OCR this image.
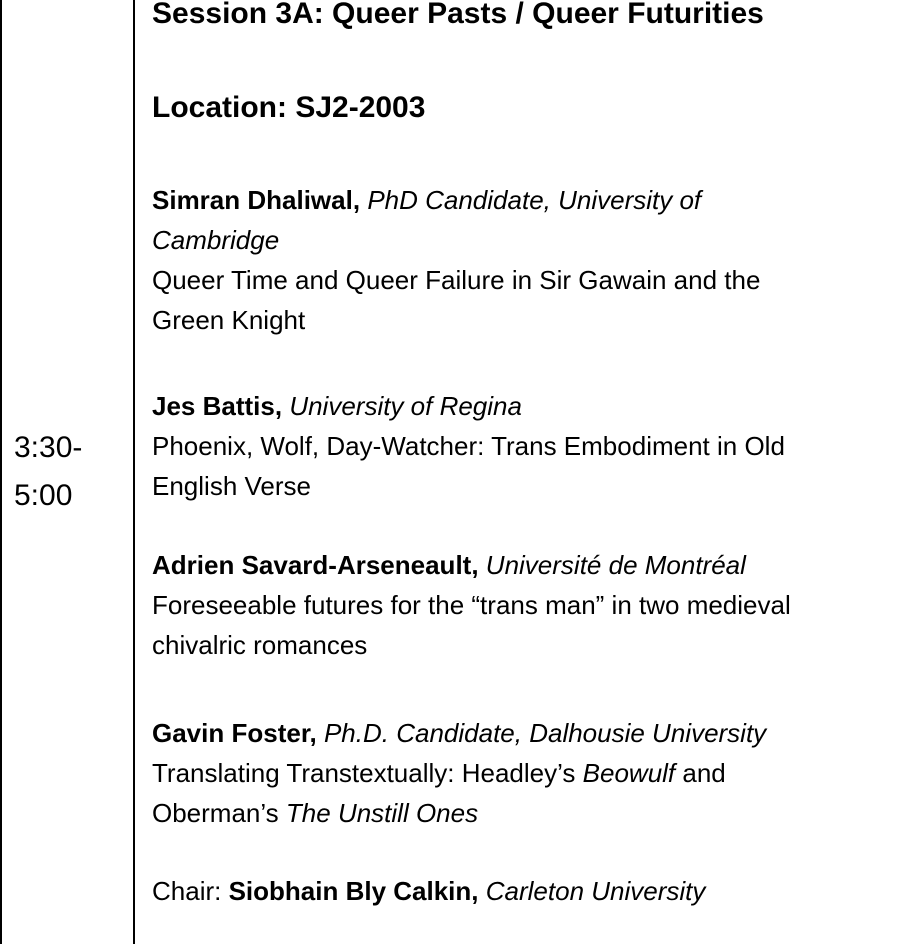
3:30-
5:00
Session 3A: Queer Pasts / Queer Futurities
Location: SJ2-2003
Simran Dhaliwal, PhD Candidate, University of
Cambridge
Queer Time and Queer Failure in Sir Gawain and the
Green Knight
Jes Battis, University of Regina
Phoenix, Wolf, Day-Watcher: Trans Embodiment in Old
English Verse
Adrien Savard-Arseneault, Université de Montréal
Foreseeable futures for the “trans man” in two medieval
chivalric romances
Gavin Foster, Ph.D. Candidate, Dalhousie University
Translating Transtextually: Headley’s Beowulf and
Oberman’s The Unstill Ones
Chair: Siobhain Bly Calkin, Carleton University
